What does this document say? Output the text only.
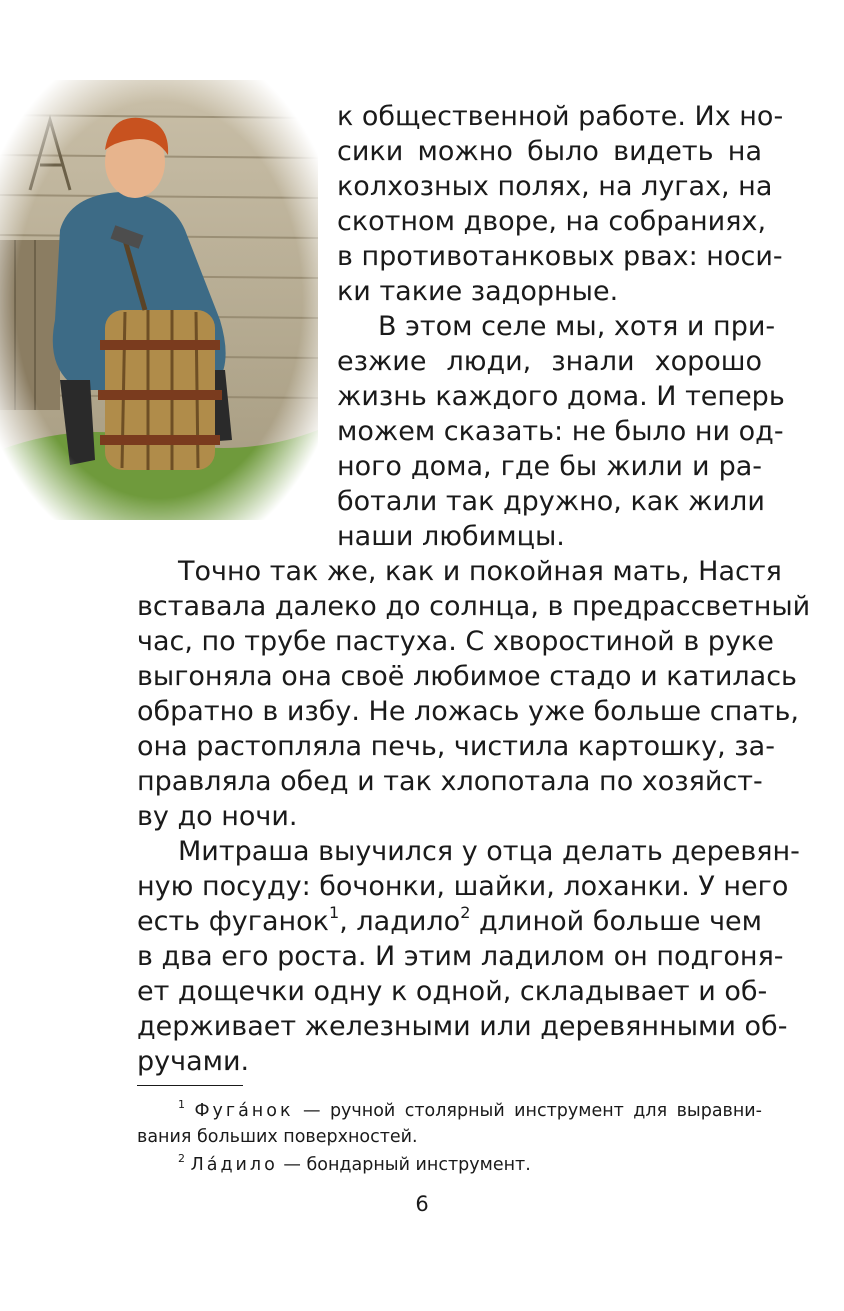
к общественной работе. Их но-
сики можно было видеть на
колхозных полях, на лугах, на
скотном дворе, на собраниях,
в противотанковых рвах: носи-
ки такие задорные.
В этом селе мы, хотя и при-
езжие люди, знали хорошо
жизнь каждого дома. И теперь
можем сказать: не было ни од-
ного дома, где бы жили и ра-
ботали так дружно, как жили
наши любимцы.
Точно так же, как и покойная мать, Настя
вставала далеко до солнца, в предрассветный
час, по трубе пастуха. С хворостиной в руке
выгоняла она своё любимое стадо и катилась
обратно в избу. Не ложась уже больше спать,
она растопляла печь, чистила картошку, за-
правляла обед и так хлопотала по хозяйст-
ву до ночи.
Митраша выучился у отца делать деревян-
ную посуду: бочонки, шайки, лоханки. У него
есть фуганок$^1$, ладило$^2$ длиной больше чем
в два его роста. И этим ладилом он подгоня-
ет дощечки одну к одной, складывает и об-
держивает железными или деревянными об-
ручами.
$^1$ Фуга́нок — ручной столярный инструмент для выравни-
вания больших поверхностей.
$^2$ Ла́дило — бондарный инструмент.
6
